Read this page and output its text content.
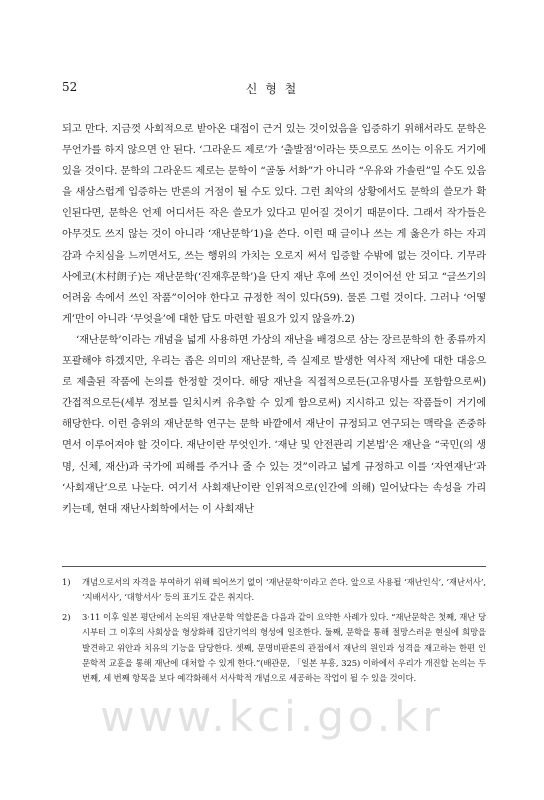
52	신 형 철

되고 만다. 지금껏 사회적으로 받아온 대접이 근거 있는 것이었음을 입증하기 위해서라도 문학은 무언가를 하지 않으면 안 된다. ‘그라운드 제로’가 ‘출발점’이라는 뜻으로도 쓰이는 이유도 거기에 있을 것이다. 문학의 그라운드 제로는 문학이 “골동 서화”가 아니라 “우유와 가솔린”일 수도 있음을 새삼스럽게 입증하는 반론의 거점이 될 수도 있다. 그런 최악의 상황에서도 문학의 쓸모가 확인된다면, 문학은 언제 어디서든 작은 쓸모가 있다고 믿어질 것이기 때문이다. 그래서 작가들은 아무것도 쓰지 않는 것이 아니라 ‘재난문학’1)을 쓴다. 이런 때 글이나 쓰는 게 옳은가 하는 자괴감과 수치심을 느끼면서도, 쓰는 행위의 가치는 오로지 써서 입증할 수밖에 없는 것이다. 기무라 사에코(木村朗子)는 재난문학(‘진재후문학’)을 단지 재난 후에 쓰인 것이어선 안 되고 “글쓰기의 어려움 속에서 쓰인 작품”이어야 한다고 규정한 적이 있다(59). 물론 그럴 것이다. 그러나 ‘어떻게’만이 아니라 ‘무엇을’에 대한 답도 마련할 필요가 있지 않을까.2)

‘재난문학’이라는 개념을 넓게 사용하면 가상의 재난을 배경으로 삼는 장르문학의 한 종류까지 포괄해야 하겠지만, 우리는 좁은 의미의 재난문학, 즉 실제로 발생한 역사적 재난에 대한 대응으로 제출된 작품에 논의를 한정할 것이다. 해당 재난을 직접적으로든(고유명사를 포함함으로써) 간접적으로든(세부 정보를 일치시켜 유추할 수 있게 함으로써) 지시하고 있는 작품들이 거기에 해당한다. 이런 층위의 재난문학 연구는 문학 바깥에서 재난이 규정되고 연구되는 맥락을 존중하면서 이루어져야 할 것이다. 재난이란 무엇인가. ‘재난 및 안전관리 기본법’은 재난을 “국민(의 생명, 신체, 재산)과 국가에 피해를 주거나 줄 수 있는 것”이라고 넓게 규정하고 이를 ‘자연재난’과 ‘사회재난’으로 나눈다. 여기서 사회재난이란 인위적으로(인간에 의해) 일어났다는 속성을 가리키는데, 현대 재난사회학에서는 이 사회재난

1) 개념으로서의 자격을 부여하기 위해 띄어쓰기 없이 ‘재난문학’이라고 쓴다. 앞으로 사용될 ‘재난인식’, ‘재난서사’, ‘지배서사’, ‘대항서사’ 등의 표기도 같은 취지다.
2) 3·11 이후 일본 평단에서 논의된 재난문학 역할론을 다음과 같이 요약한 사례가 있다. “재난문학은 첫째, 재난 당시부터 그 이후의 사회상을 형상화해 집단기억의 형성에 일조한다. 둘째, 문학을 통해 절망스러운 현실에 희망을 발견하고 위안과 치유의 기능을 담당한다. 셋째, 문명비판론의 관점에서 재난의 원인과 성격을 재고하는 한편 인문학적 교훈을 통해 재난에 대처할 수 있게 한다.”(배관문, 「일본 부흥, 325) 이하에서 우리가 개진할 논의는 두 번째, 세 번째 항목을 보다 예각화해서 서사학적 개념으로 세공하는 작업이 될 수 있을 것이다.
www.kci.go.kr
